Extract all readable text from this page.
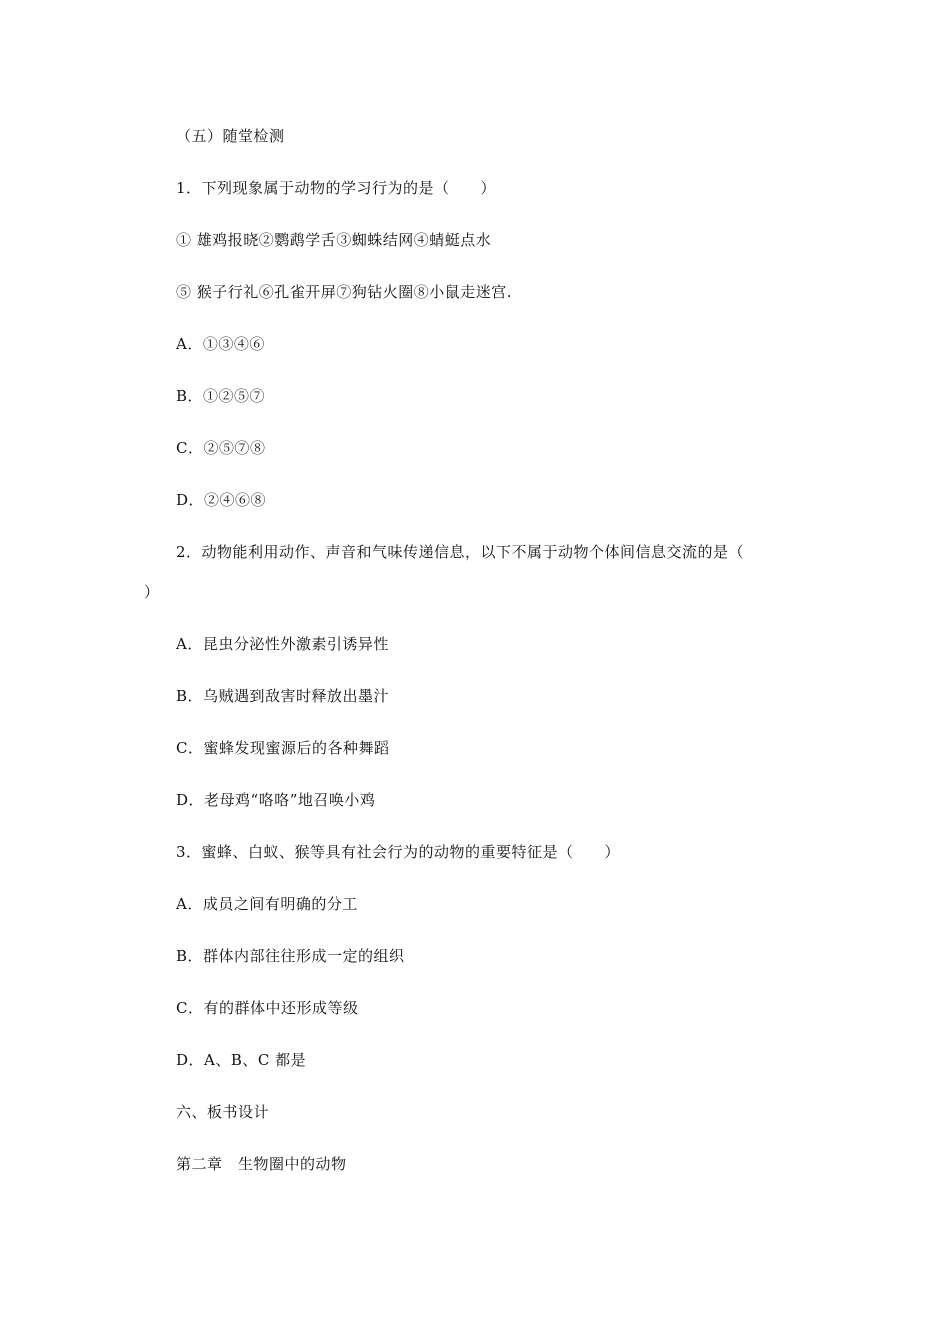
（五）随堂检测
1．下列现象属于动物的学习行为的是（　　）
① 雄鸡报晓②鹦鹉学舌③蜘蛛结网④蜻蜓点水
⑤ 猴子行礼⑥孔雀开屏⑦狗钻火圈⑧小鼠走迷宫.
A．①③④⑥
B．①②⑤⑦
C．②⑤⑦⑧
D．②④⑥⑧
2．动物能利用动作、声音和气味传递信息，以下不属于动物个体间信息交流的是（
）
A．昆虫分泌性外激素引诱异性
B．乌贼遇到敌害时释放出墨汁
C．蜜蜂发现蜜源后的各种舞蹈
D．老母鸡“咯咯”地召唤小鸡
3．蜜蜂、白蚁、猴等具有社会行为的动物的重要特征是（　　）
A．成员之间有明确的分工
B．群体内部往往形成一定的组织
C．有的群体中还形成等级
D．A、B、C 都是
六、板书设计
第二章　生物圈中的动物
